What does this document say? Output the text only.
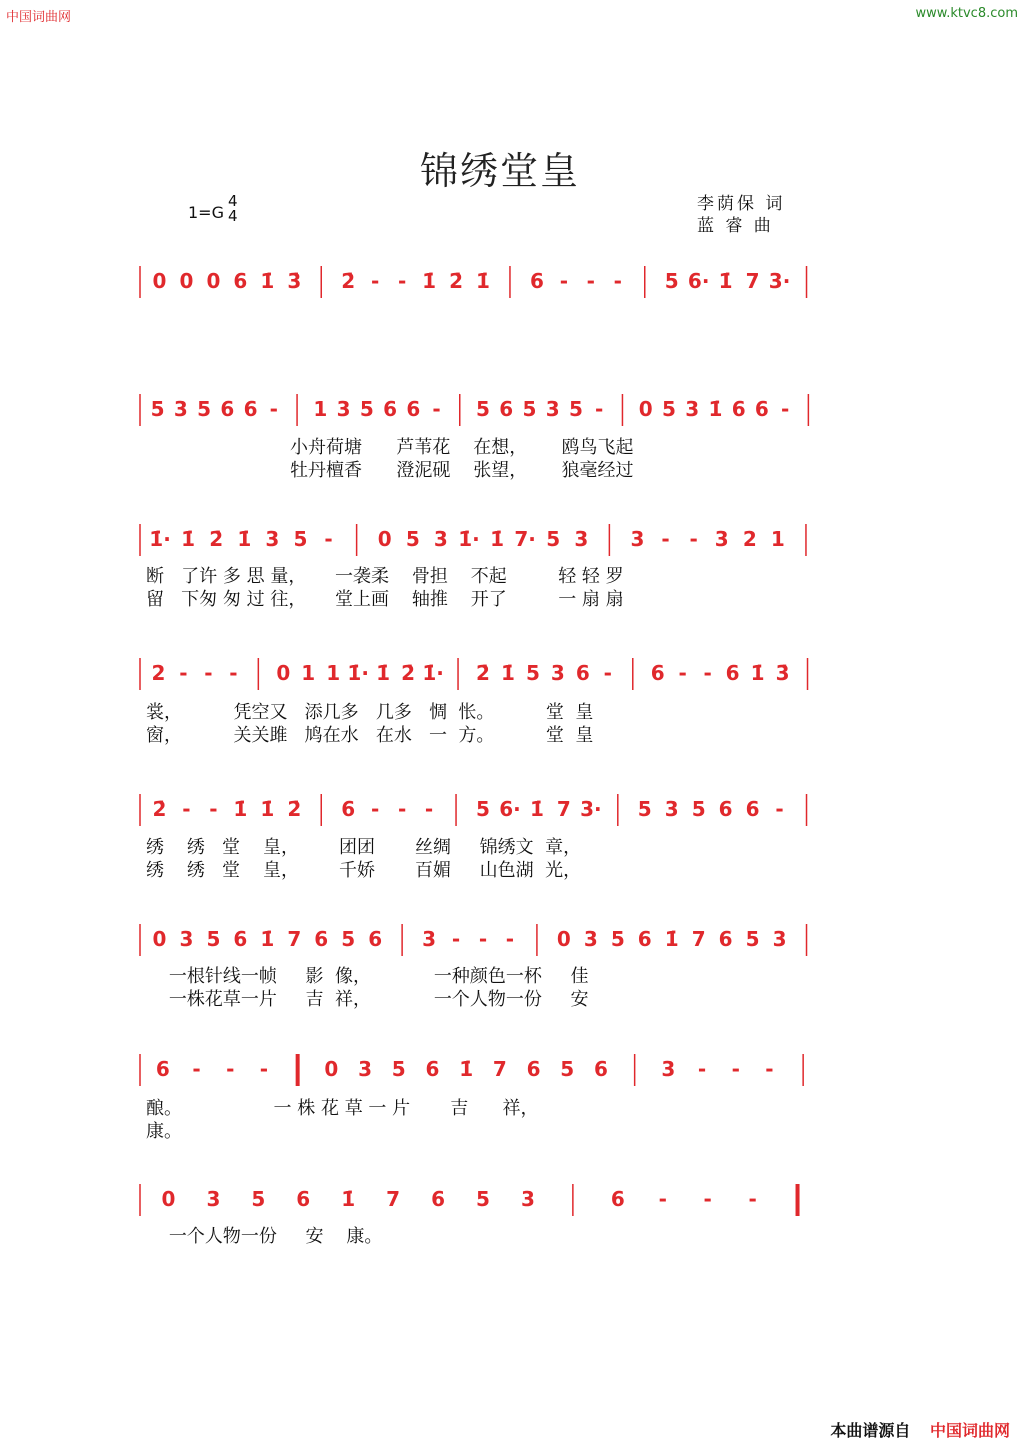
中国词曲网	www.ktvc8.com
锦绣堂皇
1=G
4
4
李荫保 词
蓝 睿 曲
0 0 0 6 1̇ 3̇ 2̇ - - 1̇ 2̇ 1̇ 6 - - - 5 6· 1̇ 7 3·
5 3 5 6 6 - 1 3 5 6 6 - 5 6 5 3 5 - 0 5 3 1̇ 6 6 -
小舟荷塘      芦苇花    在想，      鸥鸟飞起
牡丹檀香      澄泥砚    张望，      狼毫经过
1̇· 1̇ 2̇ 1̇ 3 5 - 0 5 3 1̇· 1̇ 7· 5 3 3 - - 3 2 1
断   了许 多 思 量，     一袭柔    骨担    不起         轻 轻 罗
留   下匆 匆 过 往，     堂上画    轴推    开了         一 扇 扇
2 - - - 0 1 1 1̇· 1̇ 2̇ 1̇· 2̇ 1̇ 5 3 6 - 6 - - 6 1̇ 3̇
裳，         凭空又   添几多   几多   惆  怅。         堂  皇
窗，         关关雎   鸠在水   在水   一  方。         堂  皇
2̇ - - 1̇ 1̇ 2̇ 6 - - - 5 6· 1̇ 7 3· 5 3 5 6 6 -
绣    绣   堂    皇，       团团       丝绸     锦绣文  章，
绣    绣   堂    皇，       千娇       百媚     山色湖  光，
0 3 5 6 1̇ 7 6 5 6 3 - - - 0 3 5 6 1̇ 7 6 5 3
一根针线一帧     影  像，           一种颜色一杯     佳
一株花草一片     吉  祥，           一个人物一份     安
6 - - -	0 3 5 6 1̇ 7 6 5 6	3 - - -
酿。                一 株 花 草 一 片       吉      祥，
康。
0 3 5 6 1̇ 7 6 5 3	6 - - -
一个人物一份     安    康。
本曲谱源自 中国词曲网
